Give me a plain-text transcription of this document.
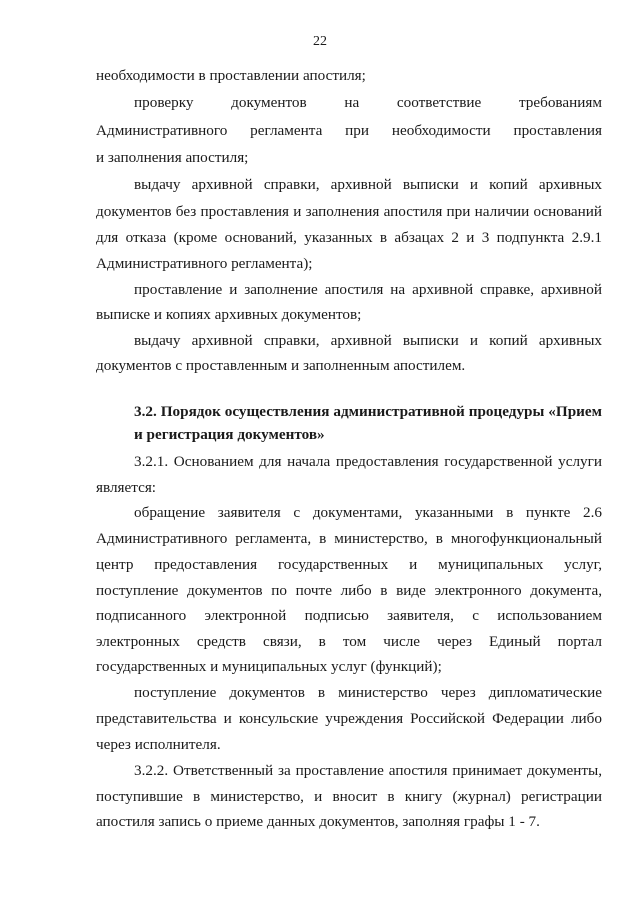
22
необходимости в проставлении апостиля;
проверку документов на соответствие требованиям
Административного регламента при необходимости проставления
и заполнения апостиля;
выдачу архивной справки, архивной выписки и копий архивных
документов без проставления и заполнения апостиля при наличии оснований
для отказа (кроме оснований, указанных в абзацах 2 и 3 подпункта 2.9.1
Административного регламента);
проставление и заполнение апостиля на архивной справке, архивной
выписке и копиях архивных документов;
выдачу архивной справки, архивной выписки и копий архивных
документов с проставленным и заполненным апостилем.
3.2. Порядок осуществления административной процедуры «Прием
и регистрация документов»
3.2.1. Основанием для начала предоставления государственной услуги
является:
обращение заявителя с документами, указанными в пункте 2.6
Административного регламента, в министерство, в многофункциональный
центр предоставления государственных и муниципальных услуг,
поступление документов по почте либо в виде электронного документа,
подписанного электронной подписью заявителя, с использованием
электронных средств связи, в том числе через Единый портал
государственных и муниципальных услуг (функций);
поступление документов в министерство через дипломатические
представительства и консульские учреждения Российской Федерации либо
через исполнителя.
3.2.2. Ответственный за проставление апостиля принимает документы,
поступившие в министерство, и вносит в книгу (журнал) регистрации
апостиля запись о приеме данных документов, заполняя графы 1 - 7.
